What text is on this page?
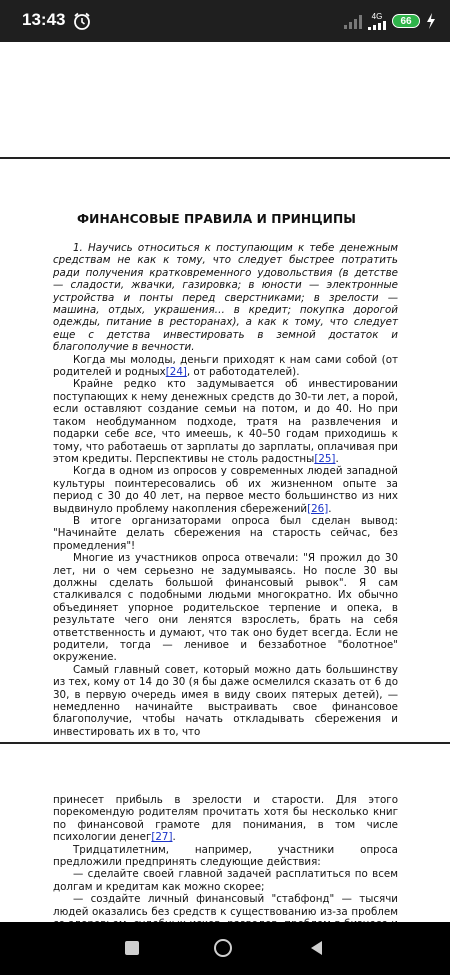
13:43	4G	66
ФИНАНСОВЫЕ ПРАВИЛА И ПРИНЦИПЫ

1. Научись относиться к поступающим к тебе денежным средствам не как к тому, что следует быстрее потратить ради получения кратковременного удовольствия (в детстве — сладости, жвачки, газировка; в юности — электронные устройства и понты перед сверстниками; в зрелости — машина, отдых, украшения… в кредит; покупка дорогой одежды, питание в ресторанах), а как к тому, что следует еще с детства инвестировать в земной достаток и благополучие в вечности.

Когда мы молоды, деньги приходят к нам сами собой (от родителей и родных[24], от работодателей).

Крайне редко кто задумывается об инвестировании поступающих к нему денежных средств до 30-ти лет, а порой, если оставляют создание семьи на потом, и до 40. Но при таком необдуманном подходе, тратя на развлечения и подарки себе все, что имеешь, к 40–50 годам приходишь к тому, что работаешь от зарплаты до зарплаты, оплачивая при этом кредиты. Перспективы не столь радостны[25].

Когда в одном из опросов у современных людей западной культуры поинтересовались об их жизненном опыте за период с 30 до 40 лет, на первое место большинство из них выдвинуло проблему накопления сбережений[26].

В итоге организаторами опроса был сделан вывод: "Начинайте делать сбережения на старость сейчас, без промедления"!

Многие из участников опроса отвечали: "Я прожил до 30 лет, ни о чем серьезно не задумываясь. Но после 30 вы должны сделать большой финансовый рывок". Я сам сталкивался с подобными людьми многократно. Их обычно объединяет упорное родительское терпение и опека, в результате чего они ленятся взрослеть, брать на себя ответственность и думают, что так оно будет всегда. Если не родители, тогда — ленивое и беззаботное "болотное" окружение.

Самый главный совет, который можно дать большинству из тех, кому от 14 до 30 (я бы даже осмелился сказать от 6 до 30, в первую очередь имея в виду своих пятерых детей), — немедленно начинайте выстраивать свое финансовое благополучие, чтобы начать откладывать сбережения и инвестировать их в то, что

принесет прибыль в зрелости и старости. Для этого порекомендую родителям прочитать хотя бы несколько книг по финансовой грамоте для понимания, в том числе психологии денег[27].

Тридцатилетним, например, участники опроса предложили предпринять следующие действия:

— сделайте своей главной задачей расплатиться по всем долгам и кредитам как можно скорее;

— создайте личный финансовый "стабфонд" — тысячи людей оказались без средств к существованию из-за проблем
